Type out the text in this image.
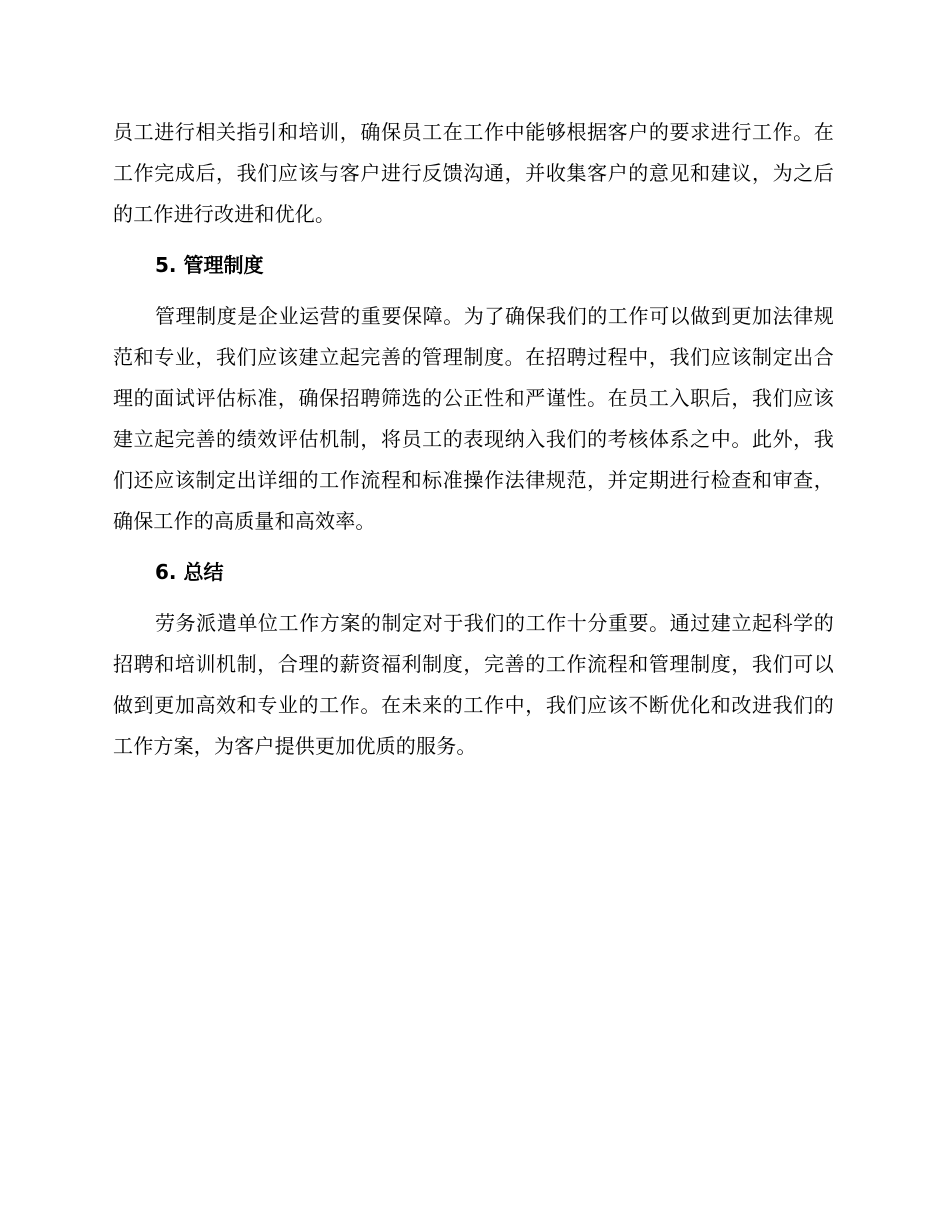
员工进行相关指引和培训，确保员工在工作中能够根据客户的要求进行工作。在工作完成后，我们应该与客户进行反馈沟通，并收集客户的意见和建议，为之后的工作进行改进和优化。

5. 管理制度

管理制度是企业运营的重要保障。为了确保我们的工作可以做到更加法律规范和专业，我们应该建立起完善的管理制度。在招聘过程中，我们应该制定出合理的面试评估标准，确保招聘筛选的公正性和严谨性。在员工入职后，我们应该建立起完善的绩效评估机制，将员工的表现纳入我们的考核体系之中。此外，我们还应该制定出详细的工作流程和标准操作法律规范，并定期进行检查和审查，确保工作的高质量和高效率。

6. 总结

劳务派遣单位工作方案的制定对于我们的工作十分重要。通过建立起科学的招聘和培训机制，合理的薪资福利制度，完善的工作流程和管理制度，我们可以做到更加高效和专业的工作。在未来的工作中，我们应该不断优化和改进我们的工作方案，为客户提供更加优质的服务。
